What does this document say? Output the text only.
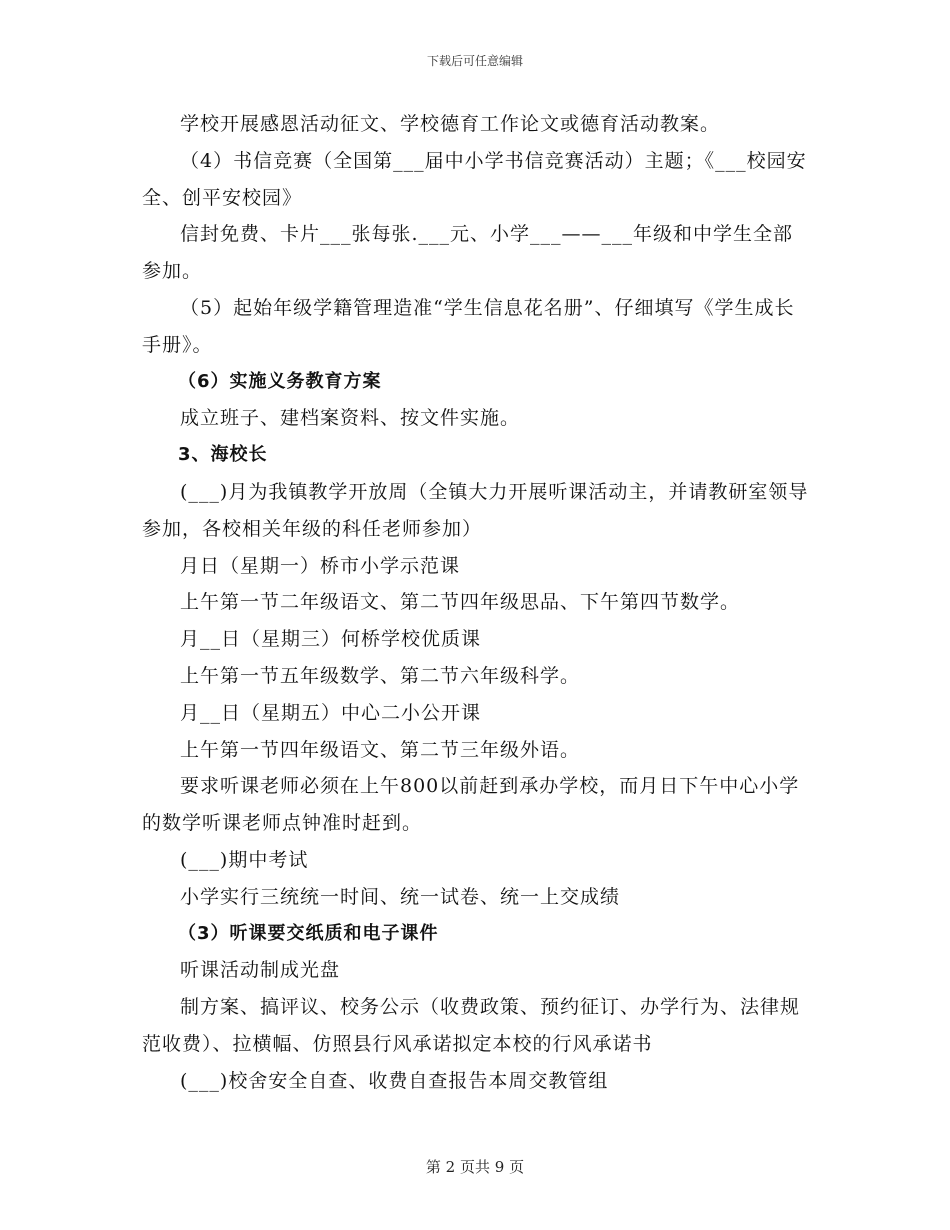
下载后可任意编辑

学校开展感恩活动征文、学校德育工作论文或德育活动教案。

（4）书信竞赛（全国第___届中小学书信竞赛活动）主题；《___校园安全、创平安校园》

信封免费、卡片___张每张.___元、小学___——___年级和中学生全部参加。

（5）起始年级学籍管理造准“学生信息花名册”、仔细填写《学生成长手册》。

（6）实施义务教育方案

成立班子、建档案资料、按文件实施。

3、海校长

(___)月为我镇教学开放周（全镇大力开展听课活动主，并请教研室领导参加，各校相关年级的科任老师参加）

月日（星期一）桥市小学示范课

上午第一节二年级语文、第二节四年级思品、下午第四节数学。

月__日（星期三）何桥学校优质课

上午第一节五年级数学、第二节六年级科学。

月__日（星期五）中心二小公开课

上午第一节四年级语文、第二节三年级外语。

要求听课老师必须在上午800以前赶到承办学校，而月日下午中心小学的数学听课老师点钟准时赶到。

(___)期中考试

小学实行三统统一时间、统一试卷、统一上交成绩

（3）听课要交纸质和电子课件

听课活动制成光盘

制方案、搞评议、校务公示（收费政策、预约征订、办学行为、法律规范收费）、拉横幅、仿照县行风承诺拟定本校的行风承诺书

(___)校舍安全自查、收费自查报告本周交教管组

第 2 页共 9 页
